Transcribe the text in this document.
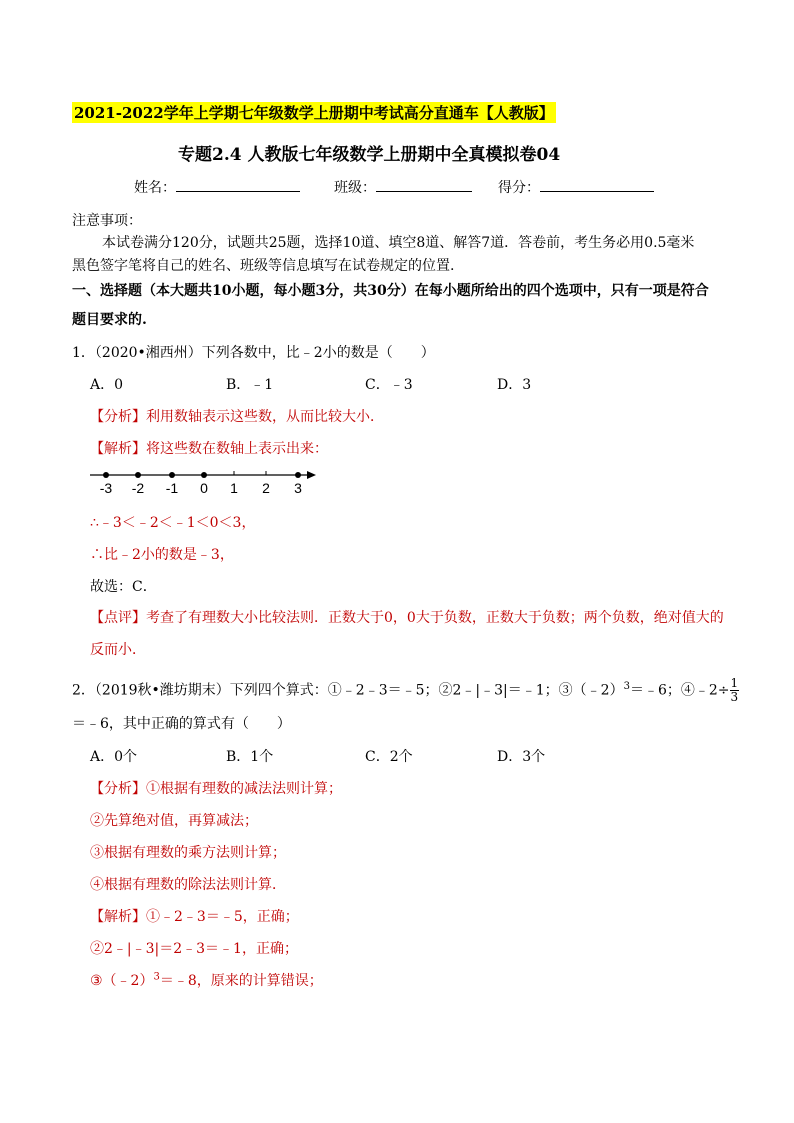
2021-2022学年上学期七年级数学上册期中考试高分直通车【人教版】
专题2.4 人教版七年级数学上册期中全真模拟卷04
姓名：	班级：	得分：
注意事项：
本试卷满分120分，试题共25题，选择10道、填空8道、解答7道．答卷前，考生务必用0.5毫米
黑色签字笔将自己的姓名、班级等信息填写在试卷规定的位置.
一、选择题（本大题共10小题，每小题3分，共30分）在每小题所给出的四个选项中，只有一项是符合
题目要求的.
1．（2020•湘西州）下列各数中，比﹣2小的数是（　　）
A．0	B．﹣1	C．﹣3	D．3
【分析】利用数轴表示这些数，从而比较大小．
【解析】将这些数在数轴上表示出来：
-3 -2 -1 0 1 2 3
∴﹣3＜﹣2＜﹣1＜0＜3，
∴比﹣2小的数是﹣3，
故选：C．
【点评】考查了有理数大小比较法则．正数大于0，0大于负数，正数大于负数；两个负数，绝对值大的
反而小．
2．（2019秋•潍坊期末）下列四个算式：①﹣2﹣3＝﹣5；②2﹣|﹣3|＝﹣1；③（﹣2）$^3$＝﹣6；④﹣2÷ $\frac{1}{3}$
＝﹣6，其中正确的算式有（　　）
A．0个	B．1个	C．2个	D．3个
【分析】①根据有理数的减法法则计算；
②先算绝对值，再算减法；
③根据有理数的乘方法则计算；
④根据有理数的除法法则计算．
【解析】①﹣2﹣3＝﹣5，正确；
②2﹣|﹣3|＝2﹣3＝﹣1，正确；
③（﹣2）$^3$＝﹣8，原来的计算错误；
